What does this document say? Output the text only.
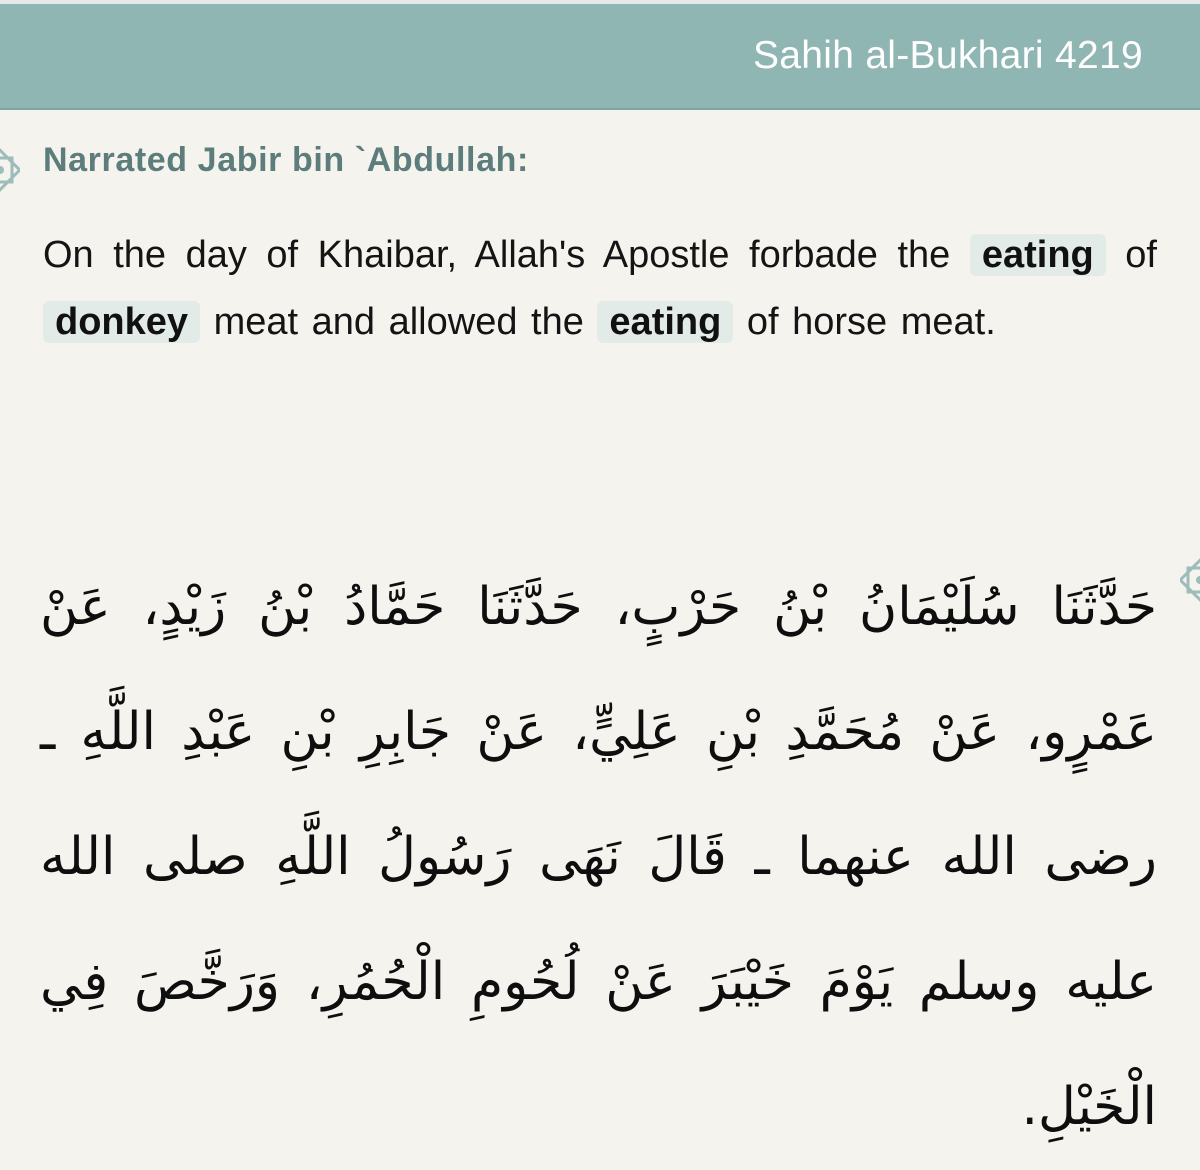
Sahih al-Bukhari 4219
Narrated Jabir bin `Abdullah:
On the day of Khaibar, Allah's Apostle forbade the eating of donkey meat and allowed the eating of horse meat.
حَدَّثَنَا سُلَيْمَانُ بْنُ حَرْبٍ، حَدَّثَنَا حَمَّادُ بْنُ زَيْدٍ، عَنْ عَمْرٍو، عَنْ مُحَمَّدِ بْنِ عَلِيٍّ، عَنْ جَابِرِ بْنِ عَبْدِ اللَّهِ ـ رضى الله عنهما ـ قَالَ نَهَى رَسُولُ اللَّهِ صلى الله عليه وسلم يَوْمَ خَيْبَرَ عَنْ لُحُومِ الْحُمُرِ، وَرَخَّصَ فِي الْخَيْلِ.
